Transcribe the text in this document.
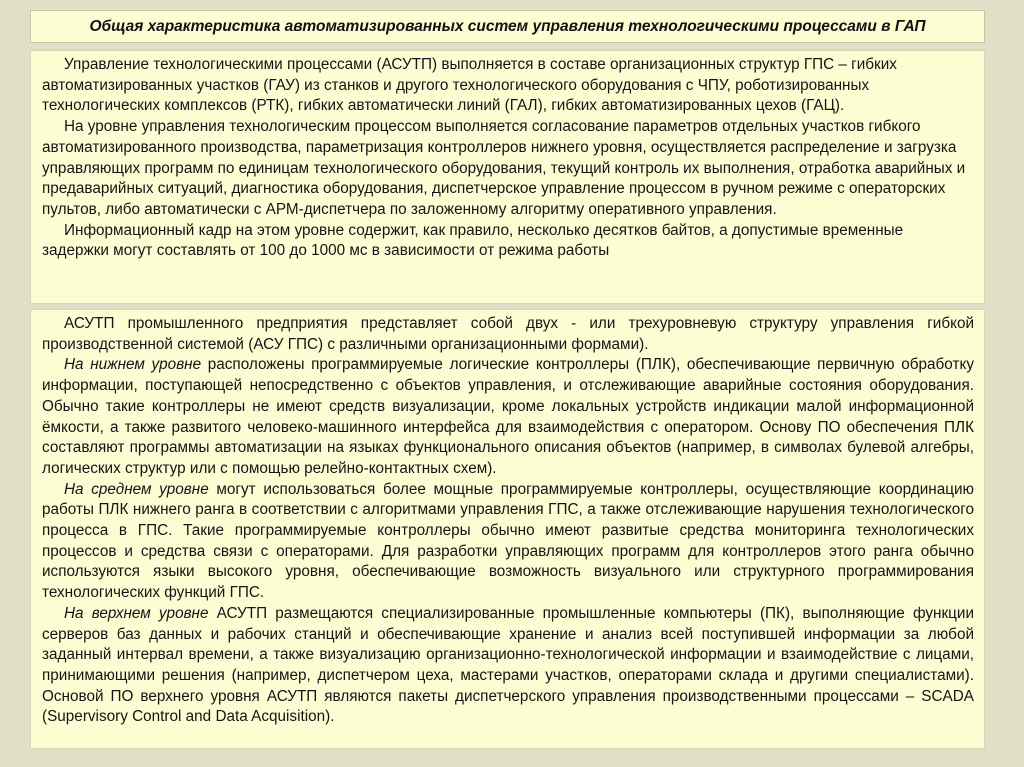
Общая характеристика автоматизированных систем управления технологическими процессами в ГАП

Управление технологическими процессами (АСУТП) выполняется в составе организационных структур ГПС – гибких автоматизированных участков (ГАУ) из станков и другого технологического оборудования с ЧПУ, роботизированных технологических комплексов (РТК), гибких автоматически линий (ГАЛ), гибких автоматизированных цехов (ГАЦ).

На уровне управления технологическим процессом выполняется согласование параметров отдельных участков гибкого автоматизированного производства, параметризация контроллеров нижнего уровня, осуществляется распределение и загрузка управляющих программ по единицам технологического оборудования, текущий контроль их выполнения, отработка аварийных и предаварийных ситуаций, диагностика оборудования, диспетчерское управление процессом в ручном режиме с операторских пультов, либо автоматически с АРМ-диспетчера по заложенному алгоритму оперативного управления.

Информационный кадр на этом уровне содержит, как правило, несколько десятков байтов, а допустимые временные задержки могут составлять от 100 до 1000 мс в зависимости от режима работы

АСУТП промышленного предприятия представляет собой двух - или трехуровневую структуру управления гибкой производственной системой (АСУ ГПС) с различными организационными формами).

На нижнем уровне расположены программируемые логические контроллеры (ПЛК), обеспечивающие первичную обработку информации, поступающей непосредственно с объектов управления, и отслеживающие аварийные состояния оборудования. Обычно такие контроллеры не имеют средств визуализации, кроме локальных устройств индикации малой информационной ёмкости, а также развитого человеко-машинного интерфейса для взаимодействия с оператором. Основу ПО обеспечения ПЛК составляют программы автоматизации на языках функционального описания объектов (например, в символах булевой алгебры, логических структур или с помощью релейно-контактных схем).

На среднем уровне могут использоваться более мощные программируемые контроллеры, осуществляющие координацию работы ПЛК нижнего ранга в соответствии с алгоритмами управления ГПС, а также отслеживающие нарушения технологического процесса в ГПС. Такие программируемые контроллеры обычно имеют развитые средства мониторинга технологических процессов и средства связи с операторами. Для разработки управляющих программ для контроллеров этого ранга обычно используются языки высокого уровня, обеспечивающие возможность визуального или структурного программирования технологических функций ГПС.

На верхнем уровне АСУТП размещаются специализированные промышленные компьютеры (ПК), выполняющие функции серверов баз данных и рабочих станций и обеспечивающие хранение и анализ всей поступившей информации за любой заданный интервал времени, а также визуализацию организационно-технологической информации и взаимодействие с лицами, принимающими решения (например, диспетчером цеха, мастерами участков, операторами склада и другими специалистами). Основой ПО верхнего уровня АСУТП являются пакеты диспетчерского управления производственными процессами – SCADA (Supervisory Control and Data Acquisition).
